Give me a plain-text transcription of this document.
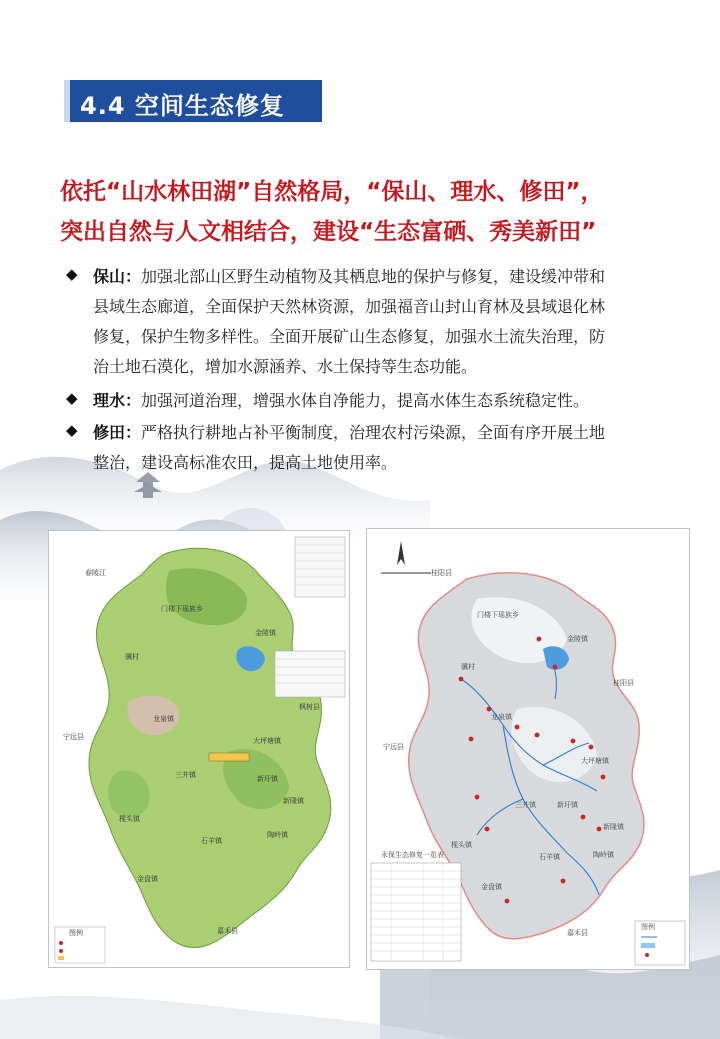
4.4 空间生态修复
依托“山水林田湖”自然格局，“保山、理水、修田”，
突出自然与人文相结合，建设“生态富硒、秀美新田”
◆ 保山：加强北部山区野生动植物及其栖息地的保护与修复，建设缓冲带和
县域生态廊道，全面保护天然林资源，加强福音山封山育林及县域退化林
修复，保护生物多样性。全面开展矿山生态修复，加强水土流失治理，防
治土地石漠化，增加水源涵养、水土保持等生态功能。
◆ 理水：加强河道治理，增强水体自净能力，提高水体生态系统稳定性。
◆ 修田：严格执行耕地占补平衡制度，治理农村污染源，全面有序开展土地
整治，建设高标准农田，提高土地使用率。
门楼下瑶族乡
金陵镇
骥村
龙泉镇
宁远县
枫树县
大坪塘镇
新圩镇
三井镇
新隆镇
枧头镇
石羊镇
陶岭镇
金盘镇
嘉禾县
春陵江
图例
门楼下瑶族乡
金陵镇
骥村
龙泉镇
宁远县
桂阳县
大坪塘镇
新圩镇
三井镇
新隆镇
枧头镇
石羊镇	陶岭镇
金盘镇
嘉禾县
桂阳县
永保生态修复一览表
图例
